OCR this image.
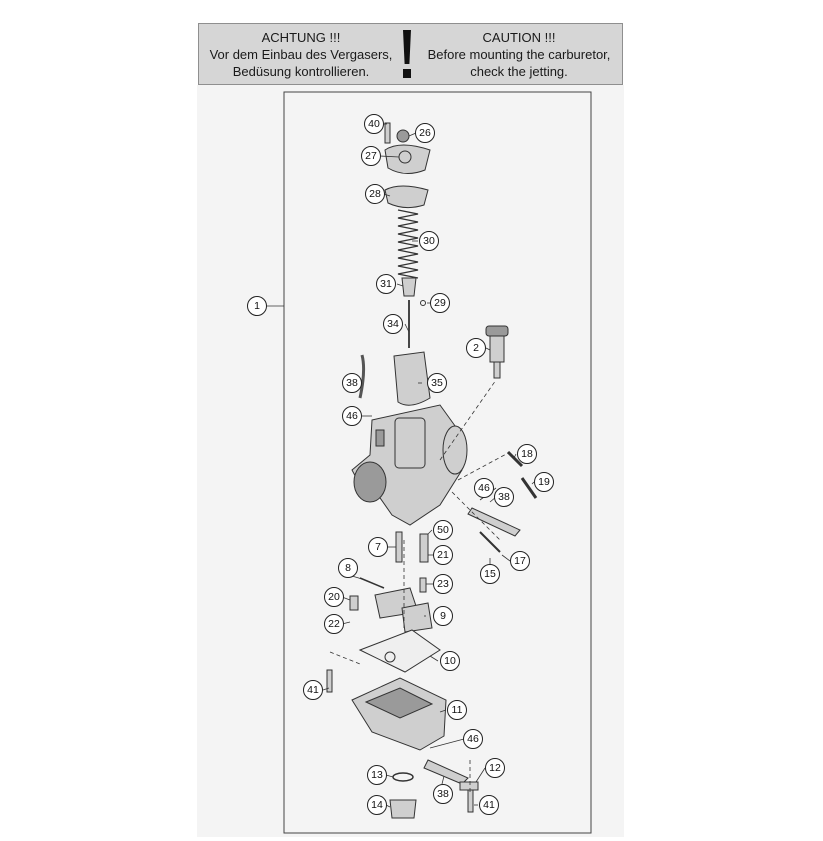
ACHTUNG !!!
Vor dem Einbau des Vergasers,
Bedüsung kontrollieren.
CAUTION !!!
Before mounting the carburetor,
check the jetting.
1
2
7
8
9
10
11
12
13
14
15
17
18
19
20
21
22
23
26
27
28
29
30
31
34
35
38
38
38
40
41
41
46
46
46
50
